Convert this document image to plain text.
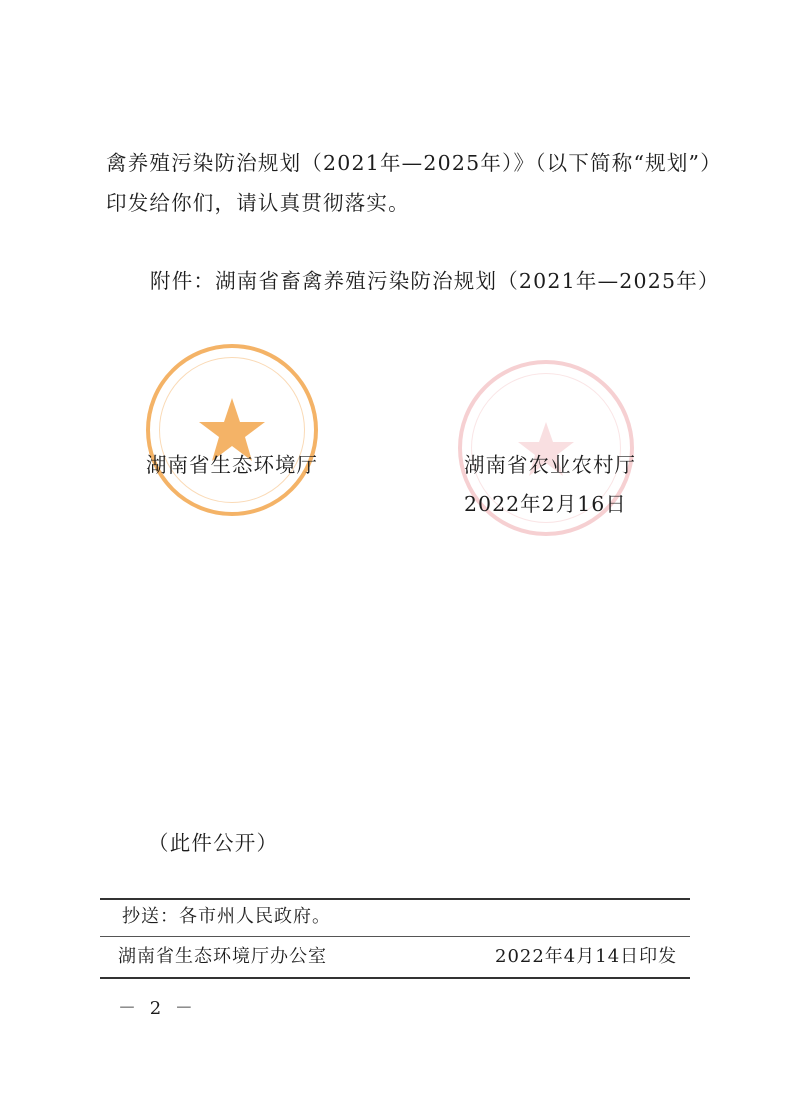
禽养殖污染防治规划（2021年—2025年）》（以下简称“规划”）
印发给你们，请认真贯彻落实。
附件：湖南省畜禽养殖污染防治规划（2021年—2025年）
湖南省生态环境厅	湖南省农业农村厅
2022年2月16日
（此件公开）
抄送：各市州人民政府。
湖南省生态环境厅办公室	2022年4月14日印发
－ 2 －
